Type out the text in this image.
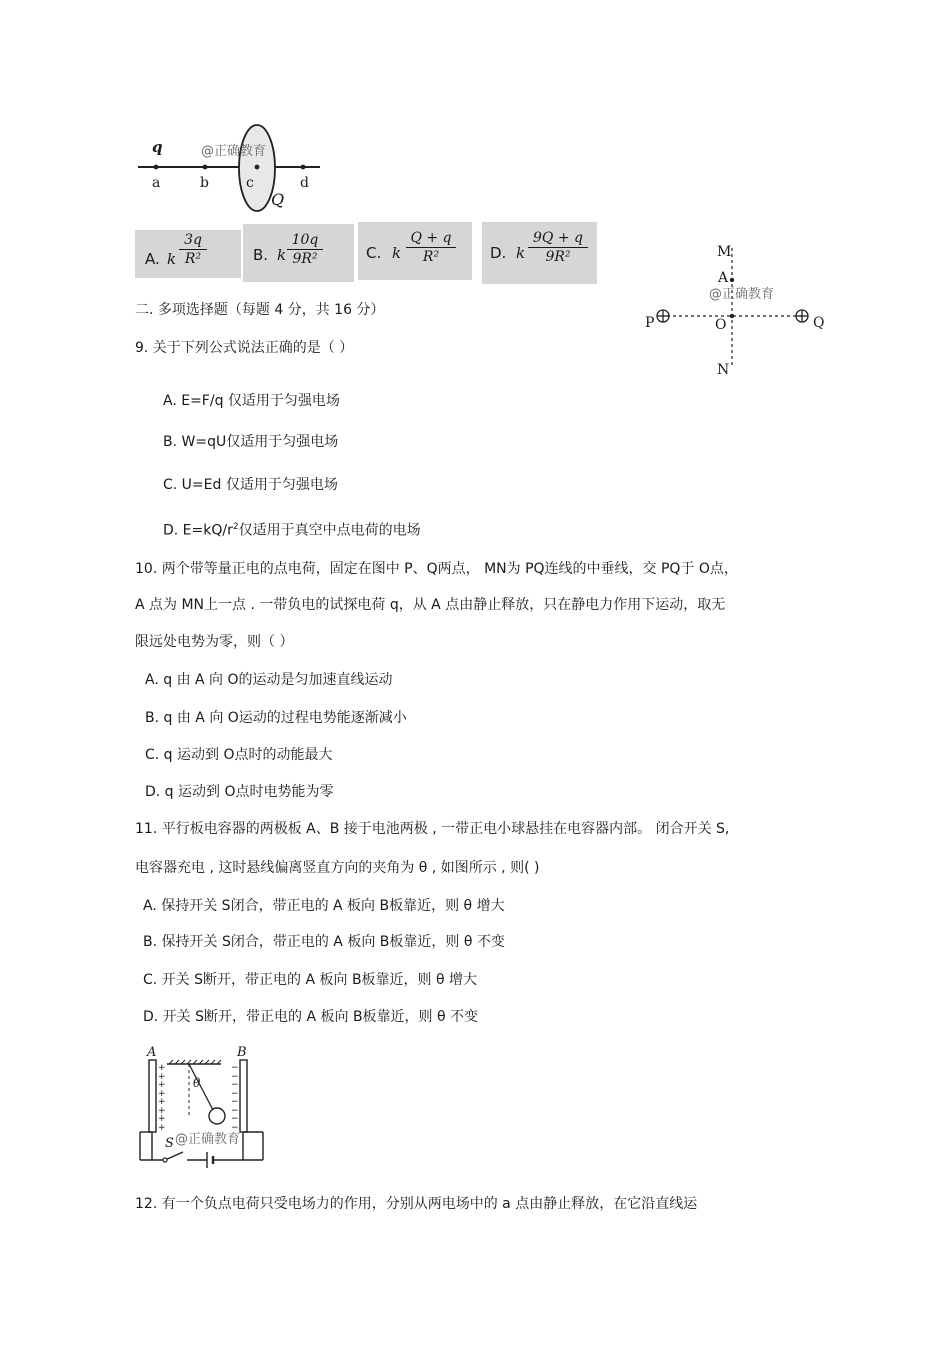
q
a	b	c	d
Q
@正确教育
A. k $\frac{3q}{\text{R²}}$	B. k $\frac{10q}{\text{9R²}}$	C. k $\frac{Q + q}{\text{R²}} D$. k $\frac{9Q + q}{\text{9R²}}$	M
A
O
N
P	Q
@正确教育
二. 多项选择题（每题 4 分，共 16 分）
9. 关于下列公式说法正确的是（ ）
A. E=F/q 仅适用于匀强电场
B. W=qU仅适用于匀强电场
C. U=Ed 仅适用于匀强电场
D. $E=kQ/r^2$仅适用于真空中点电荷的电场
10. 两个带等量正电的点电荷，固定在图中 P、Q两点， MN为 PQ连线的中垂线，交 PQ于 O点，
A 点为 MN上一点 . 一带负电的试探电荷 q，从 A 点由静止释放，只在静电力作用下运动，取无
限远处电势为零，则（ ）
A. q 由 A 向 O的运动是匀加速直线运动
B. q 由 A 向 O运动的过程电势能逐渐减小
C. q 运动到 O点时的动能最大
D. q 运动到 O点时电势能为零
11. 平行板电容器的两极板 A、B 接于电池两极 , 一带正电小球悬挂在电容器内部。 闭合开关 S,
电容器充电 , 这时悬线偏离竖直方向的夹角为 θ , 如图所示 , 则( )
A. 保持开关 S闭合，带正电的 A 板向 B板靠近，则 θ 增大
B. 保持开关 S闭合，带正电的 A 板向 B板靠近，则 θ 不变
C. 开关 S断开，带正电的 A 板向 B板靠近，则 θ 增大
D. 开关 S断开，带正电的 A 板向 B板靠近，则 θ 不变
A	B
θ
S
+
+
+
+
+
+
+
+
−
−
−
−
−
−
−
−
@正确教育
12. 有一个负点电荷只受电场力的作用，分别从两电场中的 a 点由静止释放，在它沿直线运
